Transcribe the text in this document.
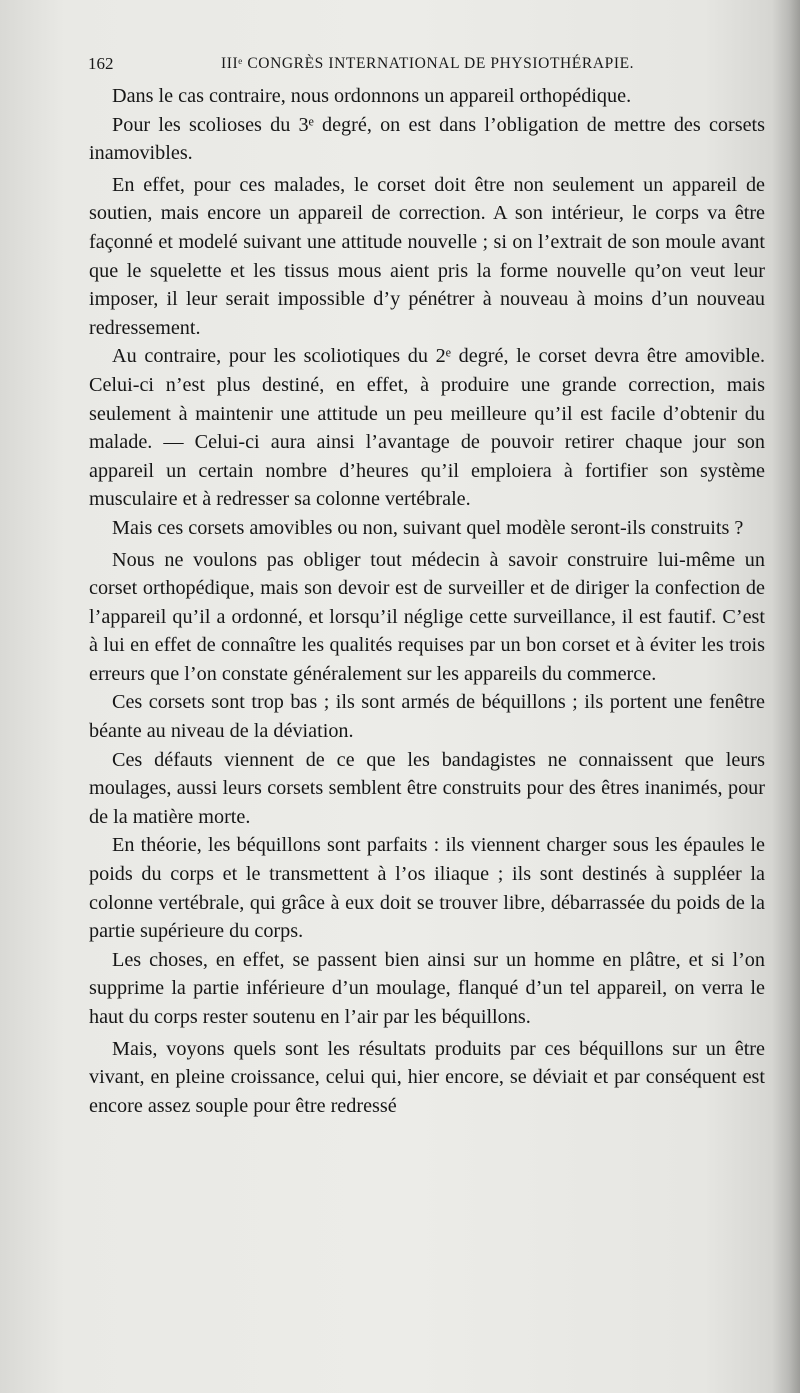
162	IIIᵉ CONGRÈS INTERNATIONAL DE PHYSIOTHÉRAPIE.

Dans le cas contraire, nous ordonnons un appareil orthopédique.

Pour les scolioses du 3ᵉ degré, on est dans l’obligation de mettre des corsets inamovibles.

En effet, pour ces malades, le corset doit être non seulement un appareil de soutien, mais encore un appareil de correction. A son intérieur, le corps va être façonné et modelé suivant une attitude nouvelle ; si on l’extrait de son moule avant que le squelette et les tissus mous aient pris la forme nouvelle qu’on veut leur imposer, il leur serait impossible d’y pénétrer à nouveau à moins d’un nouveau redressement.

Au contraire, pour les scoliotiques du 2ᵉ degré, le corset devra être amovible. Celui-ci n’est plus destiné, en effet, à produire une grande correction, mais seulement à maintenir une attitude un peu meilleure qu’il est facile d’obtenir du malade. — Celui-ci aura ainsi l’avantage de pouvoir retirer chaque jour son appareil un certain nombre d’heures qu’il emploiera à fortifier son système musculaire et à redresser sa colonne vertébrale.

Mais ces corsets amovibles ou non, suivant quel modèle seront-ils construits ?

Nous ne voulons pas obliger tout médecin à savoir construire lui-même un corset orthopédique, mais son devoir est de surveiller et de diriger la confection de l’appareil qu’il a ordonné, et lorsqu’il néglige cette surveillance, il est fautif. C’est à lui en effet de connaître les qualités requises par un bon corset et à éviter les trois erreurs que l’on constate généralement sur les appareils du commerce.

Ces corsets sont trop bas ; ils sont armés de béquillons ; ils portent une fenêtre béante au niveau de la déviation.

Ces défauts viennent de ce que les bandagistes ne connaissent que leurs moulages, aussi leurs corsets semblent être construits pour des êtres inanimés, pour de la matière morte.

En théorie, les béquillons sont parfaits : ils viennent charger sous les épaules le poids du corps et le transmettent à l’os iliaque ; ils sont destinés à suppléer la colonne vertébrale, qui grâce à eux doit se trouver libre, débarrassée du poids de la partie supérieure du corps.

Les choses, en effet, se passent bien ainsi sur un homme en plâtre, et si l’on supprime la partie inférieure d’un moulage, flanqué d’un tel appareil, on verra le haut du corps rester soutenu en l’air par les béquillons.

Mais, voyons quels sont les résultats produits par ces béquillons sur un être vivant, en pleine croissance, celui qui, hier encore, se déviait et par conséquent est encore assez souple pour être redressé
